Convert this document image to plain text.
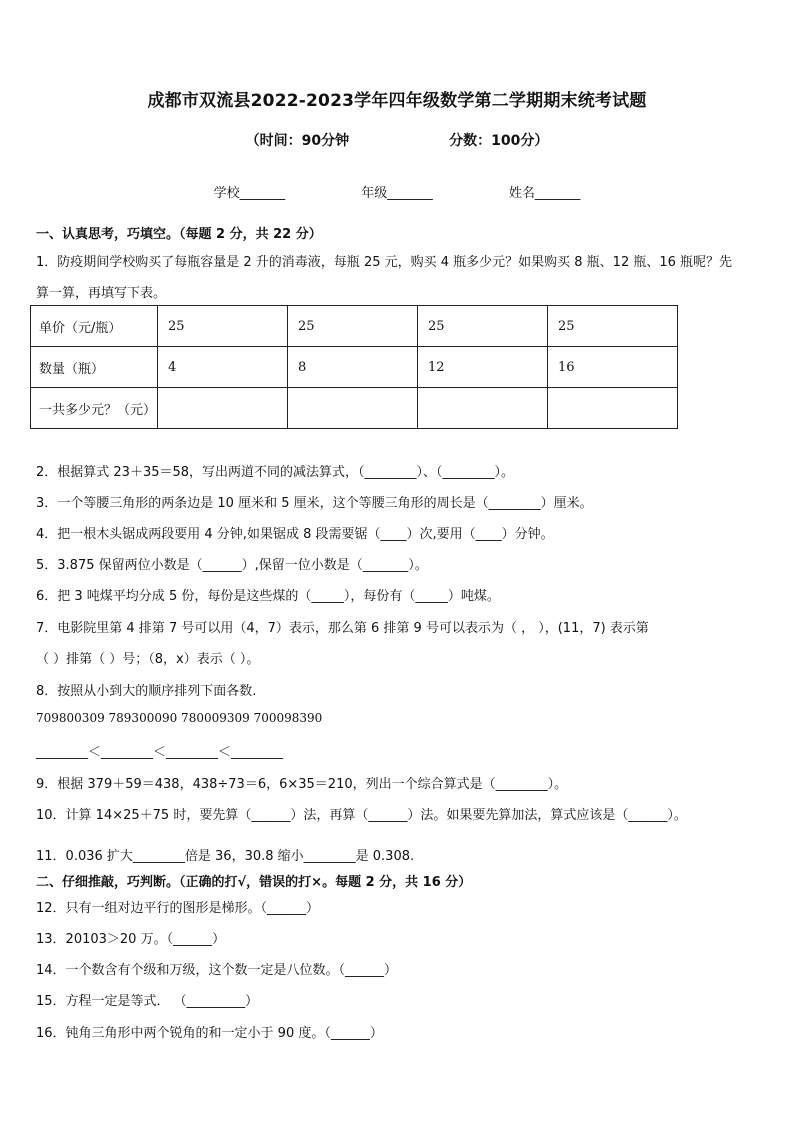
成都市双流县2022-2023学年四年级数学第二学期期末统考试题
（时间：90分钟	分数：100分）
学校_______	年级_______	姓名_______
一、认真思考，巧填空。（每题 2 分，共 22 分）
1．防疫期间学校购买了每瓶容量是 2 升的消毒液，每瓶 25 元，购买 4 瓶多少元？如果购买 8 瓶、12 瓶、16 瓶呢？先
算一算，再填写下表。
单价（元/瓶）	25	25	25	25
数量（瓶）	4	8	12	16
一共多少元？（元）				
2．根据算式 23＋35＝58，写出两道不同的减法算式，（________）、（________）。
3．一个等腰三角形的两条边是 10 厘米和 5 厘米，这个等腰三角形的周长是（________）厘米。
4．把一根木头锯成两段要用 4 分钟,如果锯成 8 段需要锯（____）次,要用（____）分钟。
5．3.875 保留两位小数是（______）,保留一位小数是（_______）。
6．把 3 吨煤平均分成 5 份，每份是这些煤的（_____），每份有（_____）吨煤。
7．电影院里第 4 排第 7 号可以用（4，7）表示，那么第 6 排第 9 号可以表示为（ ， ），(11，7) 表示第
（ ）排第（ ）号；（8，x）表示（ ）。
8．按照从小到大的顺序排列下面各数.
709800309 789300090 780009309 700098390
________＜________＜________＜________
9．根据 379＋59＝438，438÷73＝6，6×35＝210，列出一个综合算式是（________）。
10．计算 14×25＋75 时，要先算（______）法，再算（______）法。如果要先算加法，算式应该是（______）。
11．0.036 扩大________倍是 36，30.8 缩小________是 0.308.
二、仔细推敲，巧判断。（正确的打√，错误的打×。每题 2 分，共 16 分）
12．只有一组对边平行的图形是梯形。（______）
13．20103＞20 万。（______）
14．一个数含有个级和万级，这个数一定是八位数。（______）
15．方程一定是等式． （_________）
16．钝角三角形中两个锐角的和一定小于 90 度。（______）
